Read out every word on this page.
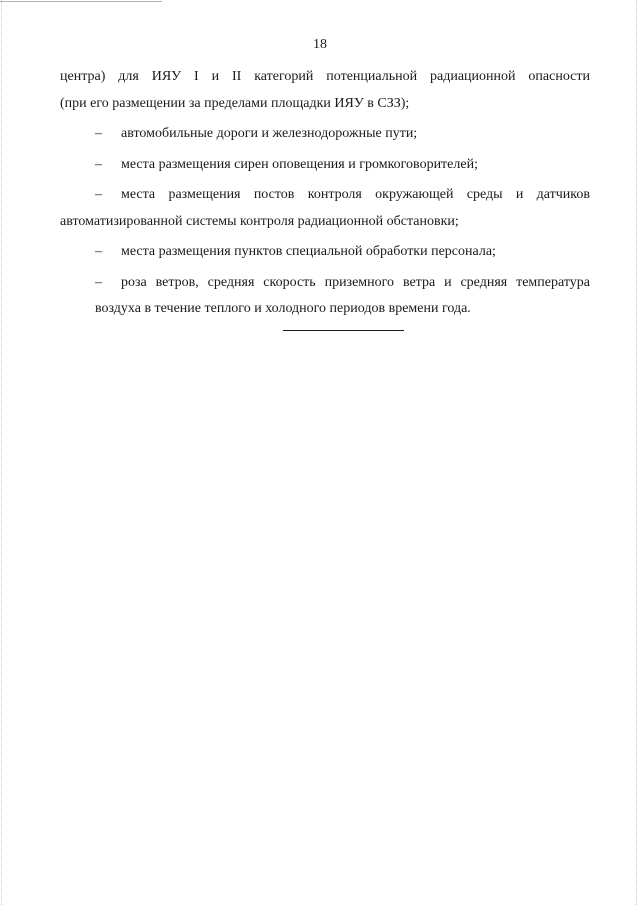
18
центра) для ИЯУ I и II категорий потенциальной радиационной опасности
(при его размещении за пределами площадки ИЯУ в СЗЗ);
– автомобильные дороги и железнодорожные пути;
– места размещения сирен оповещения и громкоговорителей;
– места размещения постов контроля окружающей среды и датчиков
автоматизированной системы контроля радиационной обстановки;
– места размещения пунктов специальной обработки персонала;
– роза ветров, средняя скорость приземного ветра и средняя температура
воздуха в течение теплого и холодного периодов времени года.
